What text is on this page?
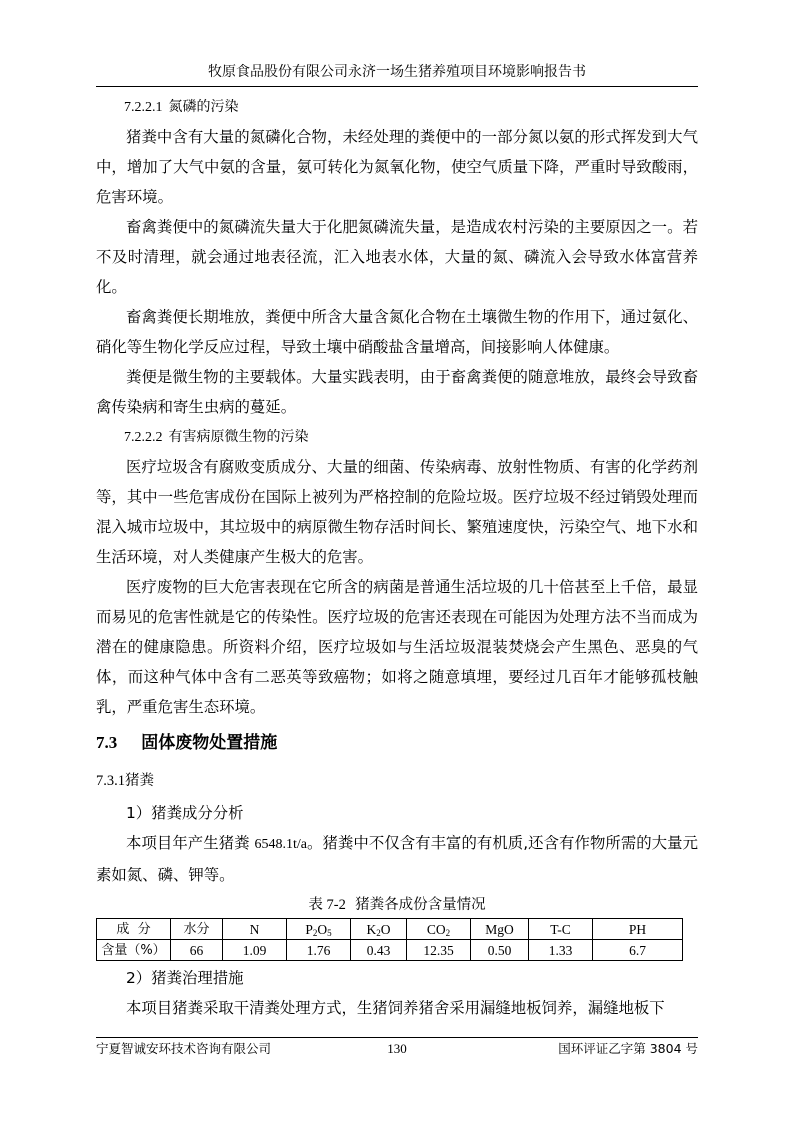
牧原食品股份有限公司永济一场生猪养殖项目环境影响报告书
7.2.2.1 氮磷的污染

猪粪中含有大量的氮磷化合物，未经处理的粪便中的一部分氮以氨的形式挥发到大气中，增加了大气中氨的含量，氨可转化为氮氧化物，使空气质量下降，严重时导致酸雨，危害环境。

畜禽粪便中的氮磷流失量大于化肥氮磷流失量，是造成农村污染的主要原因之一。若不及时清理，就会通过地表径流，汇入地表水体，大量的氮、磷流入会导致水体富营养化。

畜禽粪便长期堆放，粪便中所含大量含氮化合物在土壤微生物的作用下，通过氨化、硝化等生物化学反应过程，导致土壤中硝酸盐含量增高，间接影响人体健康。

粪便是微生物的主要载体。大量实践表明，由于畜禽粪便的随意堆放，最终会导致畜禽传染病和寄生虫病的蔓延。

7.2.2.2 有害病原微生物的污染

医疗垃圾含有腐败变质成分、大量的细菌、传染病毒、放射性物质、有害的化学药剂等，其中一些危害成份在国际上被列为严格控制的危险垃圾。医疗垃圾不经过销毁处理而混入城市垃圾中，其垃圾中的病原微生物存活时间长、繁殖速度快，污染空气、地下水和生活环境，对人类健康产生极大的危害。

医疗废物的巨大危害表现在它所含的病菌是普通生活垃圾的几十倍甚至上千倍，最显而易见的危害性就是它的传染性。医疗垃圾的危害还表现在可能因为处理方法不当而成为潜在的健康隐患。所资料介绍，医疗垃圾如与生活垃圾混装焚烧会产生黑色、恶臭的气体，而这种气体中含有二恶英等致癌物；如将之随意填埋，要经过几百年才能够孤枝触乳，严重危害生态环境。

7.3 固体废物处置措施
7.3.1猪粪
1）猪粪成分分析

本项目年产生猪粪 6548.1t/a。猪粪中不仅含有丰富的有机质,还含有作物所需的大量元素如氮、磷、钾等。

表 7-2 猪粪各成份含量情况
成  分	水分	N	$P_2O_5$	$K_2O$	$CO_2$	MgO	T-C	PH
含量（%）	66	1.09	1.76	0.43	12.35	0.50	1.33	6.7
2）猪粪治理措施

本项目猪粪采取干清粪处理方式，生猪饲养猪舍采用漏缝地板饲养，漏缝地板下

宁夏智诚安环技术咨询有限公司	130	国环评证乙字第 3804 号
